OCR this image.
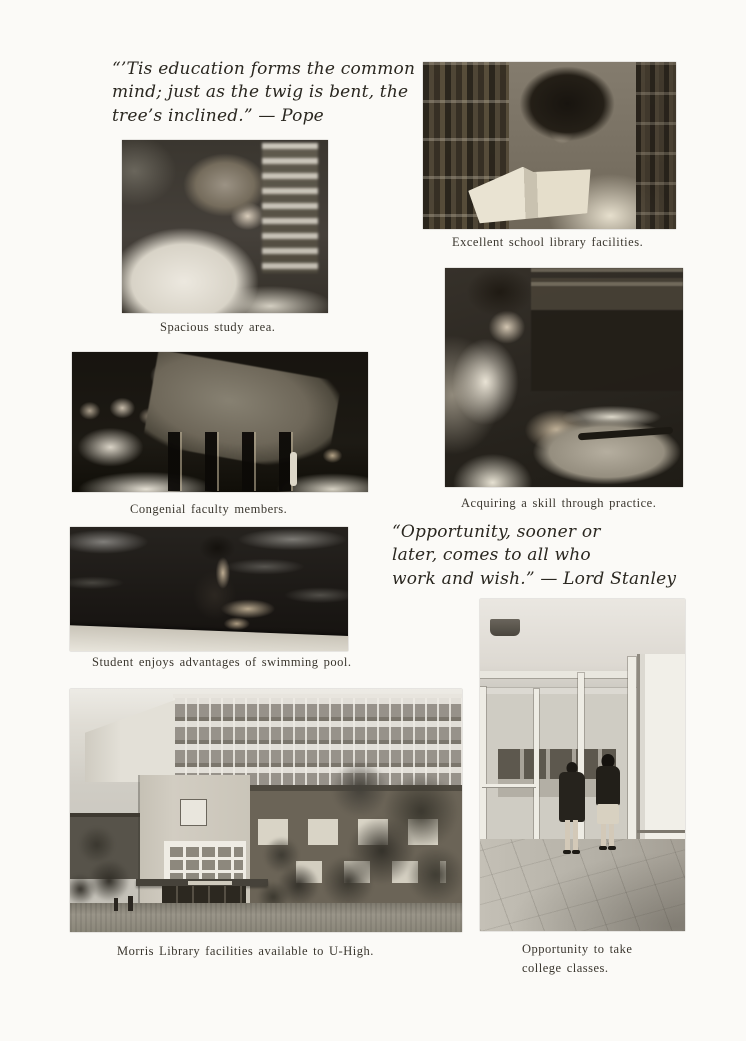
“’Tis education forms the common
mind; just as the twig is bent, the
tree’s inclined.” — Pope
Spacious study area.
Excellent school library facilities.
Congenial faculty members.	Acquiring a skill through practice.
“Opportunity, sooner or
later, comes to all who
work and wish.” — Lord Stanley
Student enjoys advantages of swimming pool.
Morris Library facilities available to U-High.	Opportunity to take
college classes.
